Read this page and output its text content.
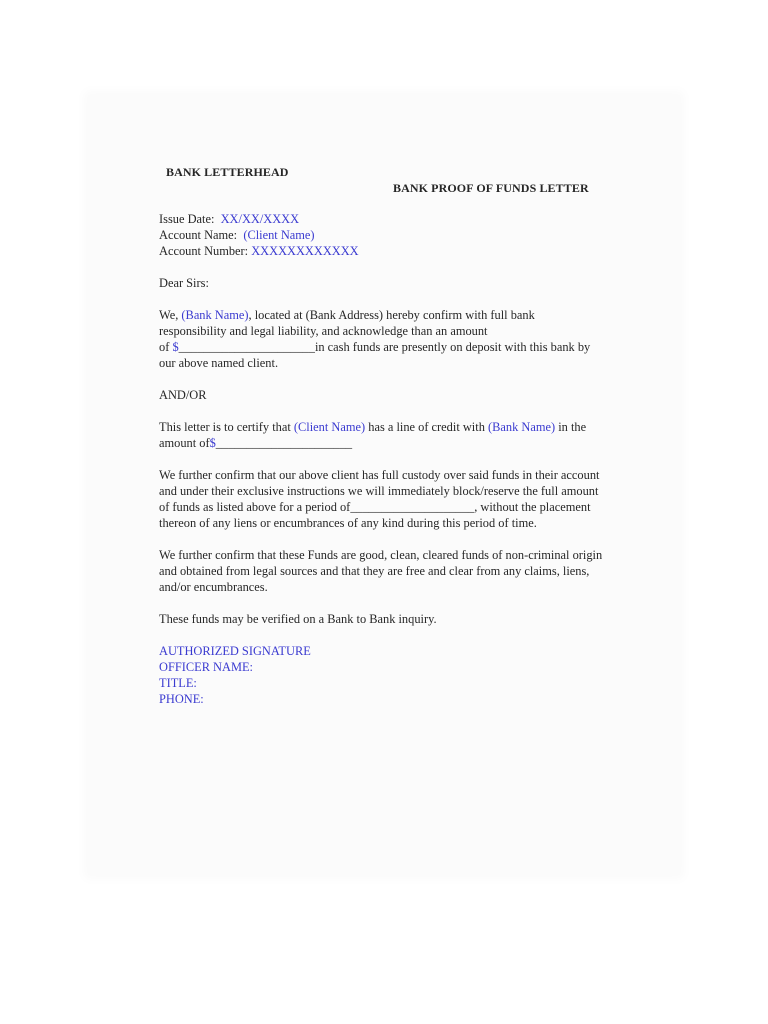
BANK LETTERHEAD
BANK PROOF OF FUNDS LETTER

Issue Date: XX/XX/XXXX
Account Name: (Client Name)
Account Number: XXXXXXXXXXXX

Dear Sirs:

We, (Bank Name), located at (Bank Address) hereby confirm with full bank
responsibility and legal liability, and acknowledge than an amount
of $______________________in cash funds are presently on deposit with this bank by
our above named client.

AND/OR

This letter is to certify that (Client Name) has a line of credit with (Bank Name) in the
amount of$______________________

We further confirm that our above client has full custody over said funds in their account
and under their exclusive instructions we will immediately block/reserve the full amount
of funds as listed above for a period of____________________, without the placement
thereon of any liens or encumbrances of any kind during this period of time.

We further confirm that these Funds are good, clean, cleared funds of non-criminal origin
and obtained from legal sources and that they are free and clear from any claims, liens,
and/or encumbrances.

These funds may be verified on a Bank to Bank inquiry.

AUTHORIZED SIGNATURE
OFFICER NAME:
TITLE:
PHONE:
